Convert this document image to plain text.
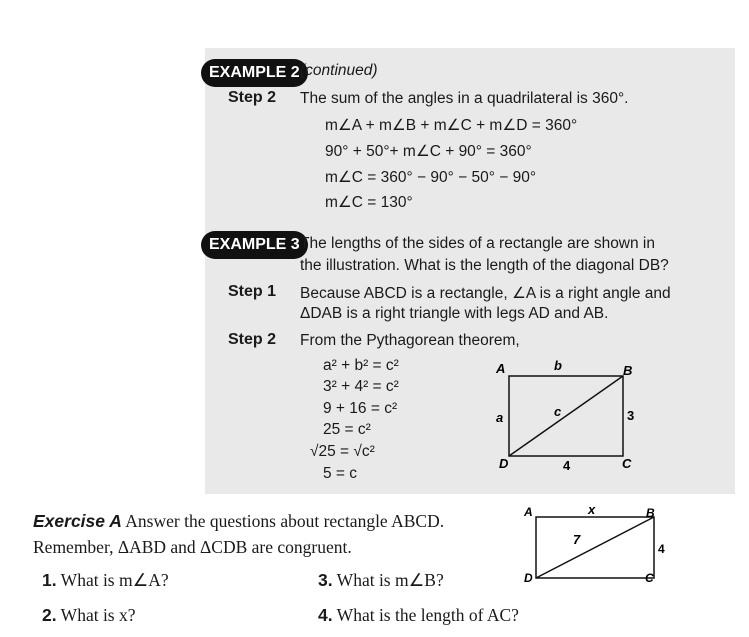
EXAMPLE 2 (continued)
Step 2 The sum of the angles in a quadrilateral is 360°.
m∠A + m∠B + m∠C + m∠D = 360°
90° + 50°+ m∠C + 90° = 360°
m∠C = 360° − 90° − 50° − 90°
m∠C = 130°
EXAMPLE 3 The lengths of the sides of a rectangle are shown in
the illustration. What is the length of the diagonal DB?
Step 1 Because ABCD is a rectangle, ∠A is a right angle and
ΔDAB is a right triangle with legs AD and AB.
Step 2 From the Pythagorean theorem,
a² + b² = c²
3² + 4² = c²
9 + 16 = c²
25 = c²
√25 = √c²
5 = c
A	B
C
D
b
a	c	3
4
Exercise A Answer the questions about rectangle ABCD.
Remember, ΔABD and ΔCDB are congruent.
1. What is m∠A?
2. What is x?
3. What is m∠B?
4. What is the length of AC?
A	B
C
D
x
7
4
